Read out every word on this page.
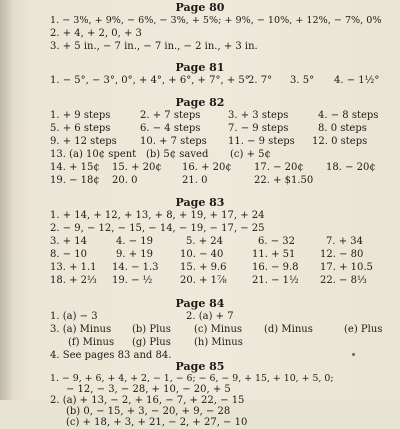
Page 80
1. − 3%, + 9%, − 6%, − 3%, + 5%; + 9%, − 10%, + 12%, − 7%, 0%
2. + 4, + 2, 0, + 3
3. + 5 in., − 7 in., − 7 in., − 2 in., + 3 in.
Page 81
1. − 5°, − 3°, 0°, + 4°, + 6°, + 7°, + 5°
2. 7° 3. 5° 4. − 1½°
Page 82
1. + 9 steps	2. + 7 steps	3. + 3 steps	4. − 8 steps
5. + 6 steps	6. − 4 steps	7. − 9 steps	8. 0 steps
9. + 12 steps 10. + 7 steps 11. − 9 steps 12. 0 steps
13. (a) 10¢ spent (b) 5¢ saved (c) + 5¢
14. + 15¢ 15. + 20¢ 16. + 20¢ 17. − 20¢ 18. − 20¢
19. − 18¢ 20. 0	21. 0	22. + $1.50
Page 83
1. + 14, + 12, + 13, + 8, + 19, + 17, + 24
2. − 9, − 12, − 15, − 14, − 19, − 17, − 25
3. + 14	4. − 19	5. + 24	6. − 32	7. + 34
8. − 10	9. + 19	10. − 40	11. + 51 12. − 80
13. + 1.1 14. − 1.3 15. + 9.6	16. − 9.8 17. + 10.5
18. + 2⅓ 19. − ½	20. + 1⅞	21. − 1½ 22. − 8⅓
Page 84
1. (a) − 3	2. (a) + 7
3. (a) Minus (b) Plus (c) Minus (d) Minus	(e) Plus
(f) Minus (g) Plus (h) Minus
4. See pages 83 and 84.
Page 85
1. − 9, + 6, + 4, + 2, − 1, − 6; − 6, − 9, + 15, + 10, + 5, 0;
− 12, − 3, − 28, + 10, − 20, + 5
2. (a) + 13, − 2, + 16, − 7, + 22, − 15
(b) 0, − 15, + 3, − 20, + 9, − 28
(c) + 18, + 3, + 21, − 2, + 27, − 10
